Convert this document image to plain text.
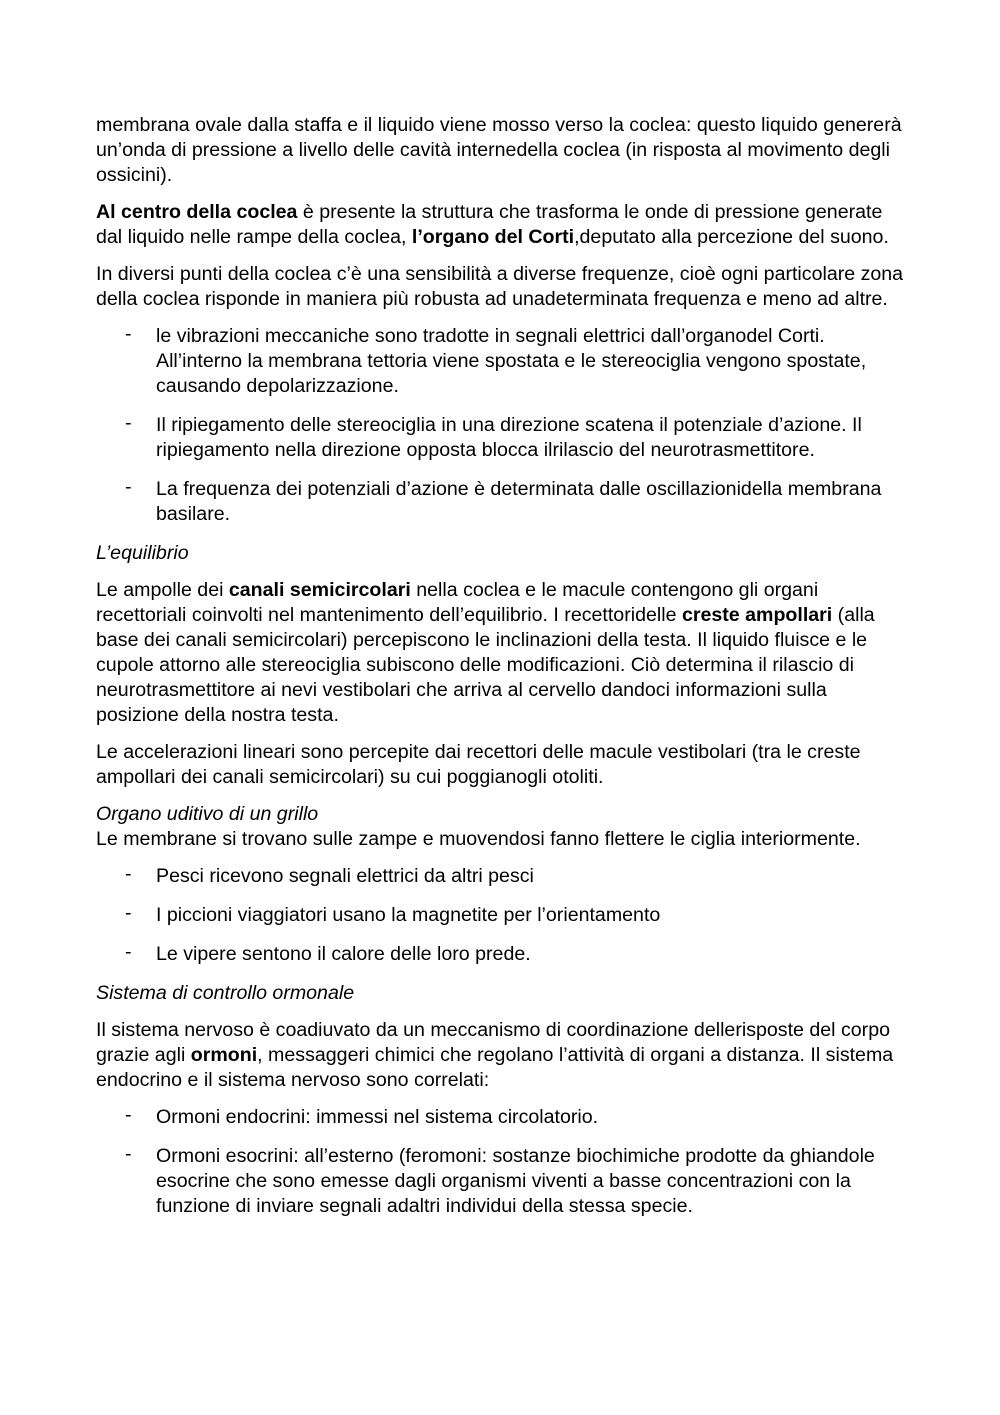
membrana ovale dalla staffa e il liquido viene mosso verso la coclea: questo liquido genererà un’onda di pressione a livello delle cavità internedella coclea (in risposta al movimento degli ossicini).

Al centro della coclea è presente la struttura che trasforma le onde di pressione generate dal liquido nelle rampe della coclea, l’organo del Corti,deputato alla percezione del suono.

In diversi punti della coclea c’è una sensibilità a diverse frequenze, cioè ogni particolare zona della coclea risponde in maniera più robusta ad unadeterminata frequenza e meno ad altre.

- le vibrazioni meccaniche sono tradotte in segnali elettrici dall’organodel Corti. All’interno la membrana tettoria viene spostata e le stereociglia vengono spostate, causando depolarizzazione.
- Il ripiegamento delle stereociglia in una direzione scatena il potenziale d’azione. Il ripiegamento nella direzione opposta blocca ilrilascio del neurotrasmettitore.
- La frequenza dei potenziali d’azione è determinata dalle oscillazionidella membrana basilare.

L’equilibrio

Le ampolle dei canali semicircolari nella coclea e le macule contengono gli organi recettoriali coinvolti nel mantenimento dell’equilibrio. I recettoridelle creste ampollari (alla base dei canali semicircolari) percepiscono le inclinazioni della testa. Il liquido fluisce e le cupole attorno alle stereociglia subiscono delle modificazioni. Ciò determina il rilascio di neurotrasmettitore ai nevi vestibolari che arriva al cervello dandoci informazioni sulla posizione della nostra testa.

Le accelerazioni lineari sono percepite dai recettori delle macule vestibolari (tra le creste ampollari dei canali semicircolari) su cui poggianogli otoliti.

Organo uditivo di un grillo

Le membrane si trovano sulle zampe e muovendosi fanno flettere le ciglia interiormente.

- Pesci ricevono segnali elettrici da altri pesci
- I piccioni viaggiatori usano la magnetite per l’orientamento
- Le vipere sentono il calore delle loro prede.

Sistema di controllo ormonale

Il sistema nervoso è coadiuvato da un meccanismo di coordinazione dellerisposte del corpo grazie agli ormoni, messaggeri chimici che regolano l’attività di organi a distanza. Il sistema endocrino e il sistema nervoso sono correlati:

- Ormoni endocrini: immessi nel sistema circolatorio.
- Ormoni esocrini: all’esterno (feromoni: sostanze biochimiche prodotte da ghiandole esocrine che sono emesse dagli organismi viventi a basse concentrazioni con la funzione di inviare segnali adaltri individui della stessa specie.
